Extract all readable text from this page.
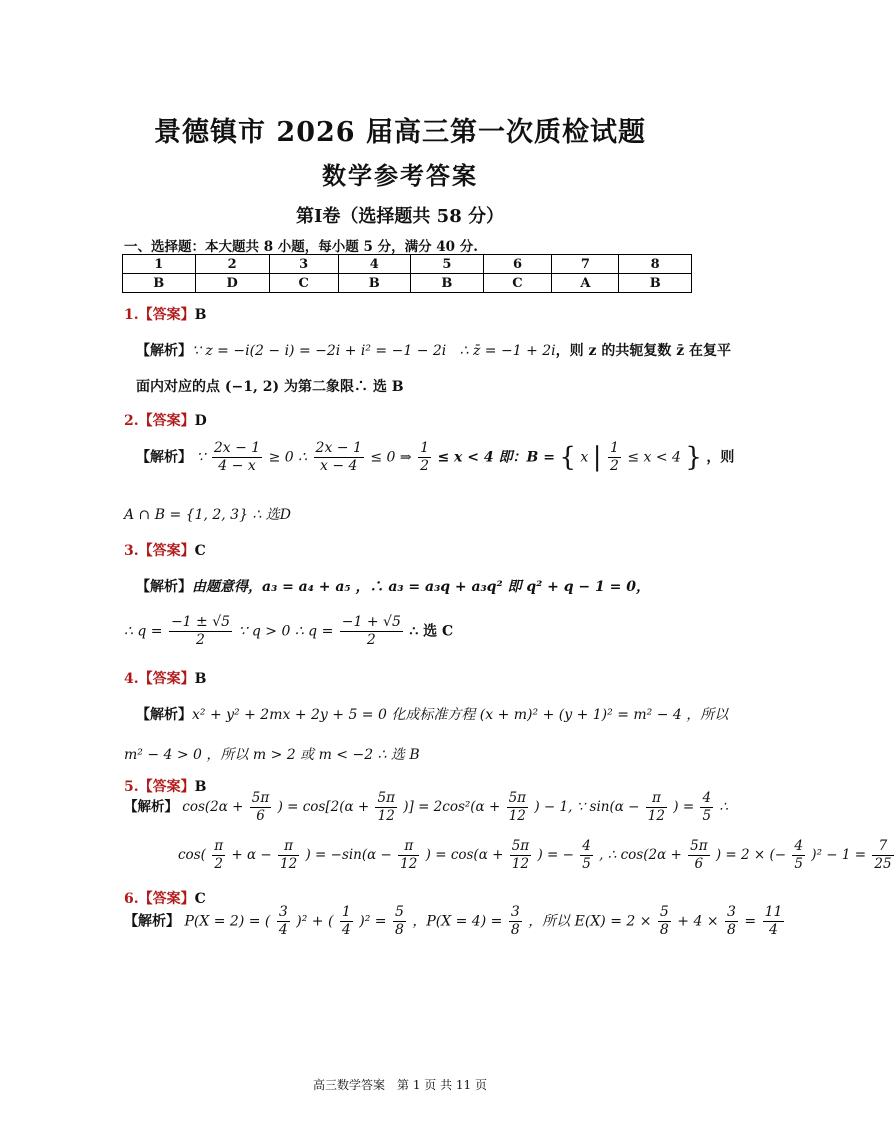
景德镇市 2026 届高三第一次质检试题
数学参考答案
第Ⅰ卷（选择题共 58 分）
一、选择题：本大题共 8 小题，每小题 5 分，满分 40 分.
1	2	3	4	5	6	7	8
B	D	C	B	B	C	A	B
1.【答案】B
【解析】∵ z = −i(2 − i) = −2i + i² = −1 − 2i ∴ z̄ = −1 + 2i，则 z 的共轭复数 z̄ 在复平
面内对应的点 (−1, 2) 为第二象限∴ 选 B
2.【答案】D
【解析】 ∵ $\frac{2x - 1}{4 - x} \ge 0$ ∴ $\frac{2x - 1}{x - 4} \le 0$ ⇒ $\frac{1}{2} \le x < 4$ 即：B = { x | $\frac{1}{2} \le x < 4$ } ，则
A ∩ B = {1, 2, 3} ∴ 选D
3.【答案】C
【解析】由题意得，a₃ = a₄ + a₅ ，∴ a₃ = a₃q + a₃q² 即 q² + q − 1 = 0，
∴ $q = \frac{-1 \pm √5}{2}$ ∵ q > 0 ∴ $q = \frac{-1 + √5}{2}$ ∴ 选 C
4.【答案】B
【解析】x² + y² + 2mx + 2y + 5 = 0 化成标准方程 (x + m)² + (y + 1)² = m² − 4 ，所以
m² − 4 > 0 ，所以 m > 2 或 m < −2 ∴ 选 B
5.【答案】B
【解析】 $\cos(2\alpha + \frac{5\pi}{6}$ ) = $\cos[2(\alpha + \frac{5\pi}{12}$ )] = $2\cos^2(\alpha + \frac{5\pi}{12}$ ) − 1, ∵ $\sin(\alpha - \frac{\pi}{12}$ ) = $\frac{4}{5}$ ∴
$\cos( \frac{\pi}{2} + \alpha - \frac{\pi}{12}$ ) = $-\sin(\alpha - \frac{\pi}{12}$ ) = $\cos(\alpha + \frac{5\pi}{12}$ ) = − $\frac{4}{5}$ , ∴ $\cos(2\alpha + \frac{5\pi}{6}$ ) = 2 × (− $\frac{4}{5} )^2 - 1 = \frac{7}{25}$
6.【答案】C
【解析】 P(X = 2) = ( $\frac{3}{4} )^2$ + ( $\frac{1}{4} )^2 = \frac{5}{8}$ ，$P(X = 4) = \frac{3}{8}$ ，所以 $E(X) = 2 \times \frac{5}{8} + 4 \times \frac{3}{8} = \frac{11}{4}$
高三数学答案　第 1 页 共 11 页
